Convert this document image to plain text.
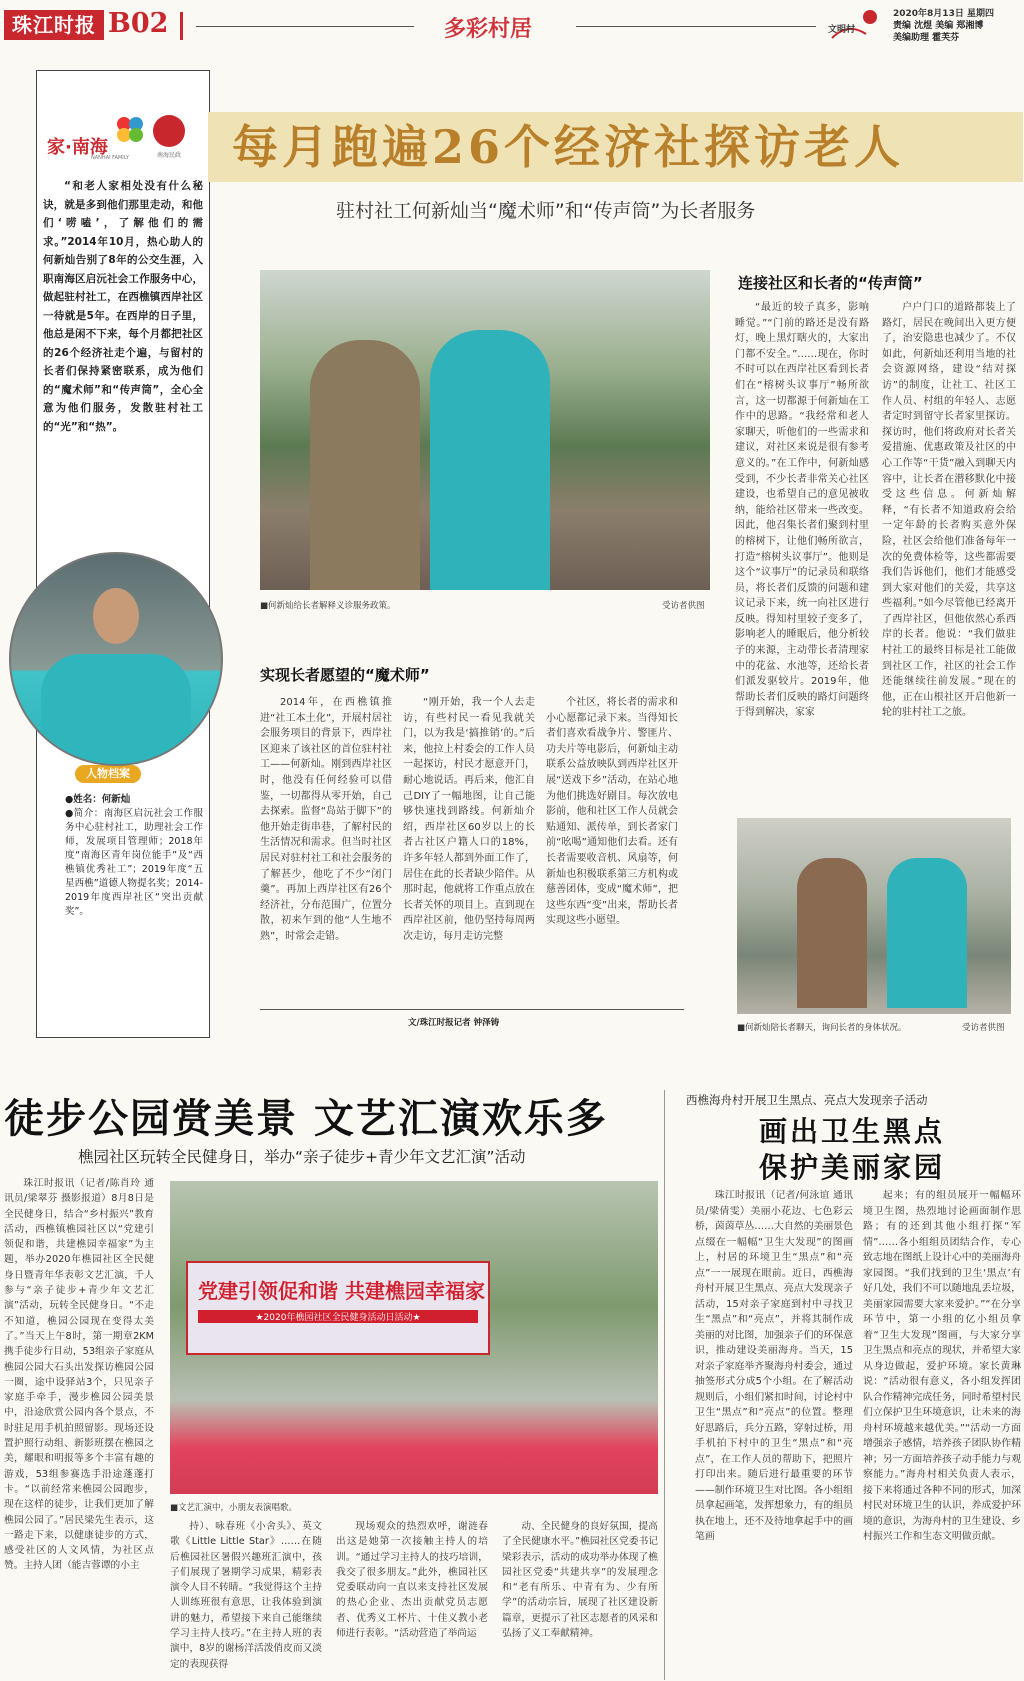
珠江时报 B02	多彩村居	文明村
2020年8月13日 星期四
责编 沈煜 美编 郑湘博
美编助理 霍芙芬
家·南海
NANHAI FAMILY	南海民政

“和老人家相处没有什么秘诀，就是多到他们那里走动，和他们‘唠嗑’，了解他们的需求。”2014年10月，热心助人的何新灿告别了8年的公交生涯，入职南海区启沅社会工作服务中心，做起驻村社工，在西樵镇西岸社区一待就是5年。在西岸的日子里，他总是闲不下来，每个月都把社区的26个经济社走个遍，与留村的长者们保持紧密联系，成为他们的“魔术师”和“传声筒”，全心全意为他们服务，发散驻村社工的“光”和“热”。

人物档案
●姓名：何新灿
●简介：南海区启沅社会工作服务中心驻村社工，助理社会工作师，发展项目管理师；2018年度“南海区青年岗位能手”及“西樵镇优秀社工”；2019年度“五星西樵”道德人物提名奖；2014-2019年度西岸社区“突出贡献奖”。
每月跑遍26个经济社探访老人
驻村社工何新灿当“魔术师”和“传声筒”为长者服务
■何新灿给长者解释义诊服务政策。	受访者供图
实现长者愿望的“魔术师”

2014年，在西樵镇推进“社工本土化”，开展村居社会服务项目的背景下，西岸社区迎来了该社区的首位驻村社工——何新灿。刚到西岸社区时，他没有任何经验可以借鉴，一切都得从零开始，自己去探索。监督“岛站于脚下”的他开始走街串巷，了解村民的生活情况和需求。但当时社区居民对驻村社工和社会服务的了解甚少，他吃了不少“闭门羹”。再加上西岸社区有26个经济社，分布范围广，位置分散，初来乍到的他“人生地不熟”，时常会走错。

“刚开始，我一个人去走访，有些村民一看见我就关门，以为我是‘搞推销’的。”后来，他拉上村委会的工作人员一起探访，村民才愿意开门，耐心地说话。再后来，他汇自己DIY了一幅地图，让自己能够快速找到路线。何新灿介绍，西岸社区60岁以上的长者占社区户籍人口的18%，许多年轻人都到外面工作了，居住在此的长者缺少陪伴。从那时起，他就将工作重点放在长者关怀的项目上。直到现在西岸社区前，他仍坚持每周两次走访，每月走访完整

个社区，将长者的需求和小心愿都记录下来。当得知长者们喜欢看战争片、警匪片、功夫片等电影后，何新灿主动联系公益放映队到西岸社区开展“送戏下乡”活动，在站心地为他们挑选好剧目。每次放电影前，他和社区工作人员就会贴通知、派传单，到长者家门前“吆喝”通知他们去看。还有长者需要收音机、风扇等，何新灿也积极联系第三方机构或慈善团体，变成“魔术师”，把这些东西“变”出来，帮助长者实现这些小愿望。

文/珠江时报记者 钟泽铸
连接社区和长者的“传声筒”

“最近的较子真多，影响睡觉。”“门前的路还是没有路灯，晚上黑灯瞎火的，大家出门都不安全。”……现在，你时不时可以在西岸社区看到长者们在“榕树头议事厅”畅所欲言，这一切都源于何新灿在工作中的思路。“我经常和老人家聊天，听他们的一些需求和建议，对社区来说是很有参考意义的。”在工作中，何新灿感受到，不少长者非常关心社区建设，也希望自己的意见被收纳，能给社区带来一些改变。因此，他召集长者们聚到村里的榕树下，让他们畅所欲言，打造“榕树头议事厅”。他则是这个“议事厅”的记录员和联络员，将长者们反馈的问题和建议记录下来，统一向社区进行反映。得知村里较子变多了，影响老人的睡眠后，他分析较子的来源，主动带长者清理家中的花盆、水池等，还给长者们派发驱较片。2019年，他帮助长者们反映的路灯问题终于得到解决，家家

户户门口的道路都装上了路灯，居民在晚间出入更方便了，治安隐患也减少了。不仅如此，何新灿还利用当地的社会资源网络，建设“结对探访”的制度，让社工、社区工作人员、村组的年轻人、志愿者定时到留守长者家里探访。探访时，他们将政府对长者关爱措施、优惠政策及社区的中心工作等“干货”融入到聊天内容中，让长者在潜移默化中接受这些信息。何新灿解释，“有长者不知道政府会给一定年龄的长者购买意外保险，社区会给他们准备每年一次的免费体检等，这些都需要我们告诉他们，他们才能感受到大家对他们的关爱，共享这些福利。”如今尽管他已经离开了西岸社区，但他依然心系西岸的长者。他说：“我们做驻村社工的最终目标是社工能做到社区工作，社区的社会工作还能继续往前发展。”现在的他，正在山根社区开启他新一轮的驻村社工之旅。

■何新灿陪长者聊天，询问长者的身体状况。	受访者供图
徒步公园赏美景 文艺汇演欢乐多
樵园社区玩转全民健身日，举办“亲子徒步+青少年文艺汇演”活动

珠江时报讯（记者/陈肖玲 通讯员/梁翠芬 摄影报道）8月8日是全民健身日，结合“乡村振兴”教育活动，西樵镇樵园社区以“党建引领促和谐，共建樵园幸福家”为主题，举办2020年樵园社区全民健身日暨青年华表彰文艺汇演，千人参与“亲子徒步+青少年文艺汇演”活动，玩转全民健身日。“不走不知道，樵园公园现在变得太美了。”当天上午8时，第一期章2KM携手徒步行目动，53组亲子家庭从樵园公园大石头出发探访樵园公园一圈，途中设驿站3个，只见亲子家庭手牵手，漫步樵园公园美景中，沿途欣赏公园内各个景点，不时驻足用手机拍照留影。现场还设置护照行动组、新影班摆在樵园之美，耀眼和明报等多个丰富有趣的游戏，53组参赛选手沿途蓬蓬打卡。“以前经常来樵园公园跑步，现在这样的徒步，让我们更加了解樵园公园了。”居民梁先生表示，这一路走下来，以健康徒步的方式，感受社区的人文风情，为社区点赞。主持人团（能吉蓉谭的小主

党建引领促和谐 共建樵园幸福家
★2020年樵园社区全民健身活动日活动★
■文艺汇演中，小朋友表演唱歌。

持）、咏春班《小舍头》、英文歌《Little Little Star》……在随后樵园社区暑假兴趣班汇演中，孩子们展现了暑期学习成果，精彩表演令人目不转睛。“我觉得这个主持人训练班很有意思，让我体验到演讲的魅力，希望接下来自己能继续学习主持人技巧。”在主持人班的表演中，8岁的谢杨洋活泼俏皮而又淡定的表现获得

现场观众的热烈欢呼，谢涟春出这是她第一次接触主持人的培训。“通过学习主持人的技巧培训，我交了很多朋友。”此外，樵园社区党委联动向一直以来支持社区发展的热心企业、杰出贡献党员志愿者、优秀义工杯片、十佳义教小老师进行表彰。“活动营造了举尚运

动、全民健身的良好氛围，提高了全民健康水平。”樵园社区党委书记梁彩表示，活动的成功举办体现了樵园社区党委“共建共享”的发展理念和“老有所乐、中青有为、少有所学”的活动宗旨，展现了社区建设新篇章，更提示了社区志愿者的风采和弘扬了义工奉献精神。

西樵海舟村开展卫生黑点、亮点大发现亲子活动
画出卫生黑点
保护美丽家园

珠江时报讯（记者/何泳谊 通讯员/梁倩雯）美丽小花边、七色彩云桥，茵茵草丛……大自然的美丽景色点缀在一幅幅“卫生大发现”的图画上，村居的环境卫生“黑点”和“亮点”一一展现在眼前。近日，西樵海舟村开展卫生黑点、亮点大发现亲子活动，15对亲子家庭到村中寻找卫生“黑点”和“亮点”，并将其制作成美丽的对比图，加强亲子们的环保意识，推动建设美丽海舟。当天，15对亲子家庭举齐聚海舟村委会，通过抽签形式分成5个小组。在了解活动规则后，小组们紧扣时间，讨论村中卫生“黑点”和“亮点”的位置。整理好思路后，兵分五路，穿射过桥，用手机拍下村中的卫生“黑点”和“亮点”，在工作人员的帮助下，把照片打印出来。随后进行最重要的环节——制作环境卫生对比图。各小组组员拿起画笔，发挥想象力，有的组员执在地上，还不及待地拿起手中的画笔画

起来；有的组员展开一幅幅环境卫生图，热烈地讨论画面制作思路；有的还到其他小组打探“军情”……各小组组员团结合作，专心致志地在图纸上设计心中的美丽海舟家园图。“我们找到的卫生‘黑点’有好几处，我们不可以随地乱丢垃圾，美丽家园需要大家来爱护。”“在分享环节中，第一小组的亿小组员拿着“卫生大发现”图画，与大家分享卫生黑点和亮点的现状，并希望大家从身边做起，爱护环境。家长黄琳说：“活动很有意义，各小组发挥团队合作精神完成任务，同时希望村民们立保护卫生环境意识，让未来的海舟村环境越来越优美。”“活动一方面增强亲子感情，培养孩子团队协作精神；另一方面培养孩子动手能力与观察能力。”海舟村相关负责人表示，接下来将通过各种不同的形式，加深村民对环境卫生的认识，养成爱护环境的意识，为海舟村的卫生建设、乡村振兴工作和生态文明做贡献。
